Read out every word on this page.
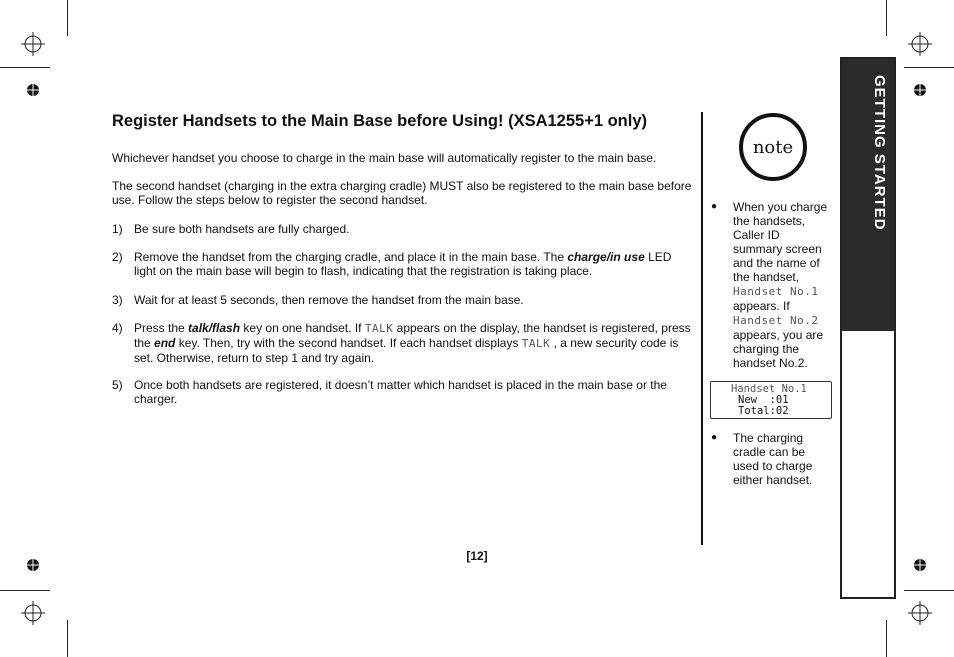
Register Handsets to the Main Base before Using! (XSA1255+1 only)
Whichever handset you choose to charge in the main base will automatically register to the main base.
The second handset (charging in the extra charging cradle) MUST also be registered to the main base before use. Follow the steps below to register the second handset.
1) Be sure both handsets are fully charged.
2) Remove the handset from the charging cradle, and place it in the main base. The charge/in use LED light on the main base will begin to flash, indicating that the registration is taking place.
3) Wait for at least 5 seconds, then remove the handset from the main base.
4) Press the talk/flash key on one handset. If TALK appears on the display, the handset is registered, press the end key. Then, try with the second handset. If each handset displays TALK , a new security code is set. Otherwise, return to step 1 and try again.
5) Once both handsets are registered, it doesn’t matter which handset is placed in the main base or the charger.
note
● When you charge the handsets, Caller ID summary screen and the name of the handset, Handset No.1
appears. If
Handset No.2
appears, you are charging the handset No.2.
Handset No.1
New  :01
Total:02
● The charging cradle can be used to charge either handset.
GETTING STARTED
[12]
